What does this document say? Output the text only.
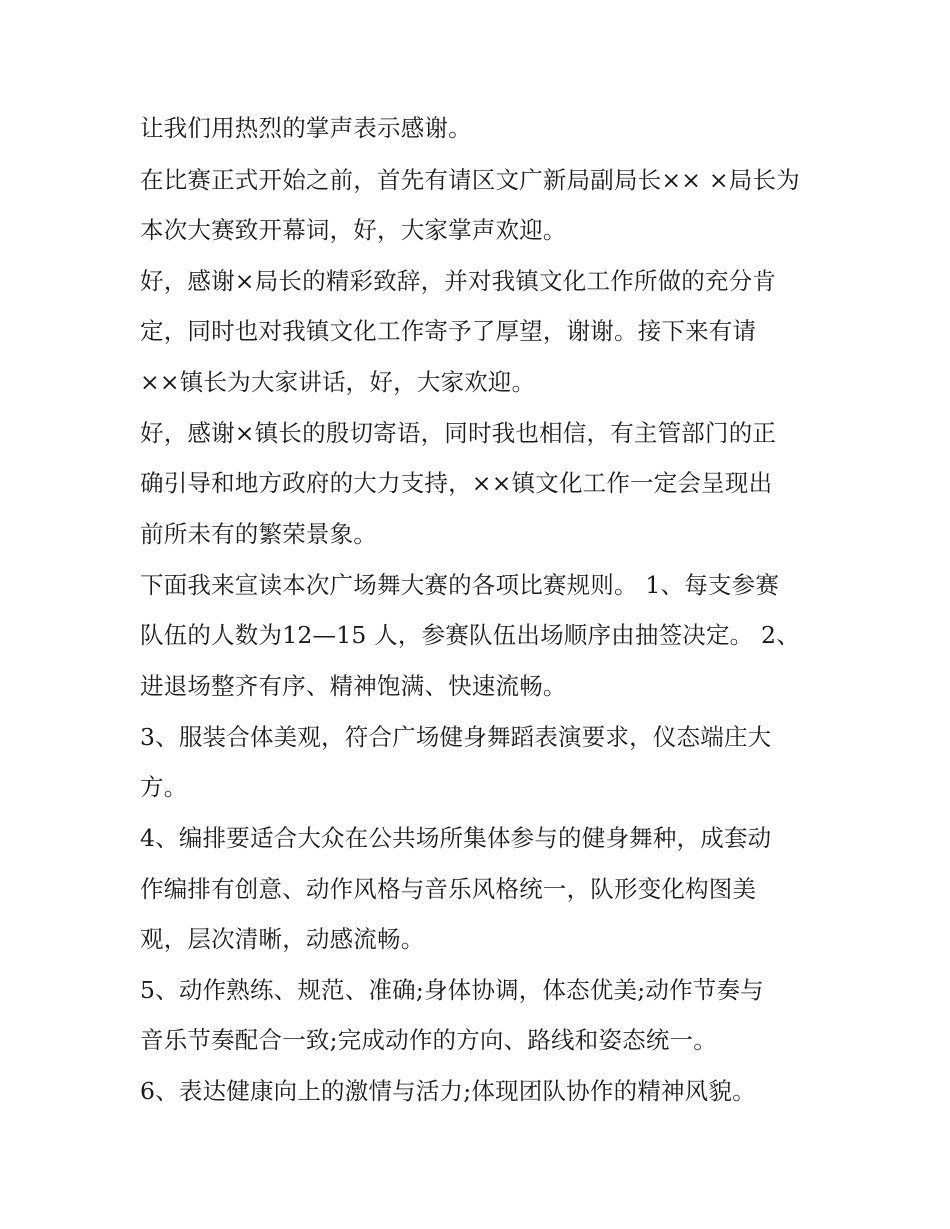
让我们用热烈的掌声表示感谢。
在比赛正式开始之前，首先有请区文广新局副局长×× ×局长为
本次大赛致开幕词，好，大家掌声欢迎。
好，感谢×局长的精彩致辞，并对我镇文化工作所做的充分肯
定，同时也对我镇文化工作寄予了厚望，谢谢。接下来有请
××镇长为大家讲话，好，大家欢迎。
好，感谢×镇长的殷切寄语，同时我也相信，有主管部门的正
确引导和地方政府的大力支持，××镇文化工作一定会呈现出
前所未有的繁荣景象。
下面我来宣读本次广场舞大赛的各项比赛规则。 1、每支参赛
队伍的人数为12—15 人，参赛队伍出场顺序由抽签决定。 2、
进退场整齐有序、精神饱满、快速流畅。
3、服装合体美观，符合广场健身舞蹈表演要求，仪态端庄大
方。
4、编排要适合大众在公共场所集体参与的健身舞种，成套动
作编排有创意、动作风格与音乐风格统一，队形变化构图美
观，层次清晰，动感流畅。
5、动作熟练、规范、准确;身体协调，体态优美;动作节奏与
音乐节奏配合一致;完成动作的方向、路线和姿态统一。
6、表达健康向上的激情与活力;体现团队协作的精神风貌。
